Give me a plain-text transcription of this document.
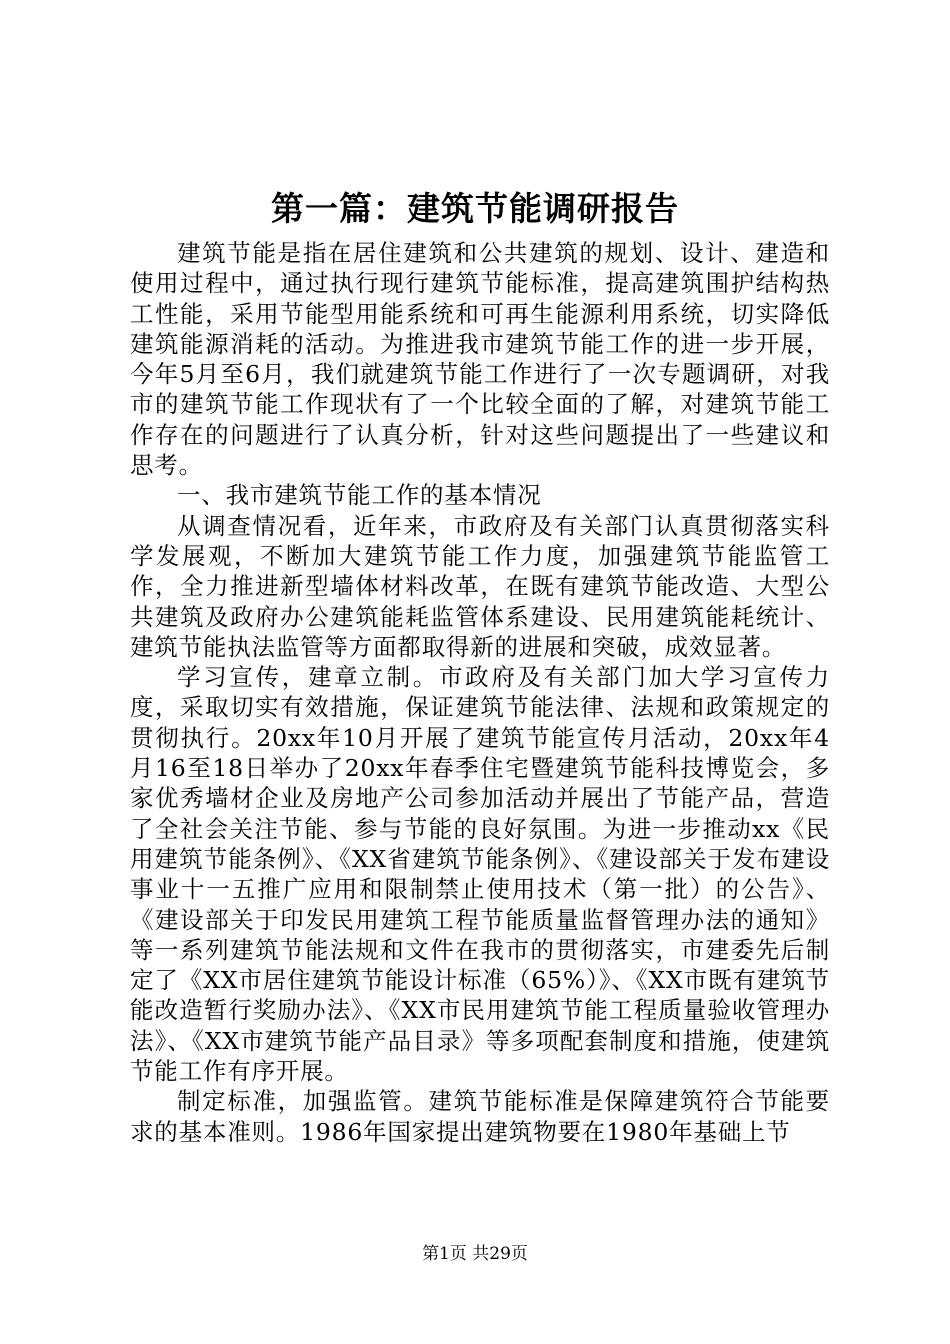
第一篇：建筑节能调研报告

建筑节能是指在居住建筑和公共建筑的规划、设计、建造和使用过程中，通过执行现行建筑节能标准，提高建筑围护结构热工性能，采用节能型用能系统和可再生能源利用系统，切实降低建筑能源消耗的活动。为推进我市建筑节能工作的进一步开展，今年5月至6月，我们就建筑节能工作进行了一次专题调研，对我市的建筑节能工作现状有了一个比较全面的了解，对建筑节能工作存在的问题进行了认真分析，针对这些问题提出了一些建议和思考。

一、我市建筑节能工作的基本情况

从调查情况看，近年来，市政府及有关部门认真贯彻落实科学发展观，不断加大建筑节能工作力度，加强建筑节能监管工作，全力推进新型墙体材料改革，在既有建筑节能改造、大型公共建筑及政府办公建筑能耗监管体系建设、民用建筑能耗统计、建筑节能执法监管等方面都取得新的进展和突破，成效显著。

学习宣传，建章立制。市政府及有关部门加大学习宣传力度，采取切实有效措施，保证建筑节能法律、法规和政策规定的贯彻执行。20xx年10月开展了建筑节能宣传月活动，20xx年4月16至18日举办了20xx年春季住宅暨建筑节能科技博览会，多家优秀墙材企业及房地产公司参加活动并展出了节能产品，营造了全社会关注节能、参与节能的良好氛围。为进一步推动xx《民用建筑节能条例》、《XX省建筑节能条例》、《建设部关于发布建设事业十一五推广应用和限制禁止使用技术（第一批）的公告》、《建设部关于印发民用建筑工程节能质量监督管理办法的通知》等一系列建筑节能法规和文件在我市的贯彻落实，市建委先后制定了《XX市居住建筑节能设计标准（65%）》、《XX市既有建筑节能改造暂行奖励办法》、《XX市民用建筑节能工程质量验收管理办法》、《XX市建筑节能产品目录》等多项配套制度和措施，使建筑节能工作有序开展。

制定标准，加强监管。建筑节能标准是保障建筑符合节能要求的基本准则。1986年国家提出建筑物要在1980年基础上节

第1页 共29页
